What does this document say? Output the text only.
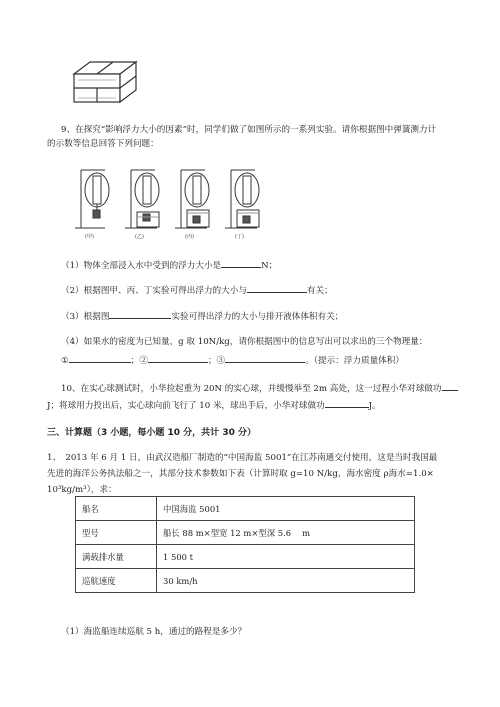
9、在探究“影响浮力大小的因素”时，同学们做了如图所示的一系列实验。请你根据图中弹簧测力计
的示数等信息回答下列问题：
(甲)	(乙)	(丙)	(丁)
（1）物体全部浸入水中受到的浮力大小是	N；
（2）根据图甲、丙、丁实验可得出浮力的大小与	有关；
（3）根据图	实验可得出浮力的大小与排开液体体积有关；
（4）如果水的密度为已知量，g 取 10N/kg，请你根据图中的信息写出可以求出的三个物理量：
①	；②	；③	。（提示：浮力质量体积）
10、在实心球测试时，小华捡起重为 20N 的实心球，并缓慢举至 2m 高处，这一过程小华对球做功
J；将球用力投出后，实心球向前飞行了 10 米，球出手后，小华对球做功	J。
三、计算题（3 小题，每小题 10 分，共计 30 分）
1、　2013 年 6 月 1 日，由武汉造船厂制造的“中国海监 5001”在江苏南通交付使用，这是当时我国最
先进的海洋公务执法船之一，其部分技术参数如下表（计算时取 g=10 N/kg，海水密度 ρ海水=1.0×
10³kg/m³），求：
船名	中国海监 5001
型号	船长 88 m×型宽 12 m×型深 5.6　 m
满载排水量	1 500 t
巡航速度	30 km/h
（1）海监船连续巡航 5 h，通过的路程是多少？
